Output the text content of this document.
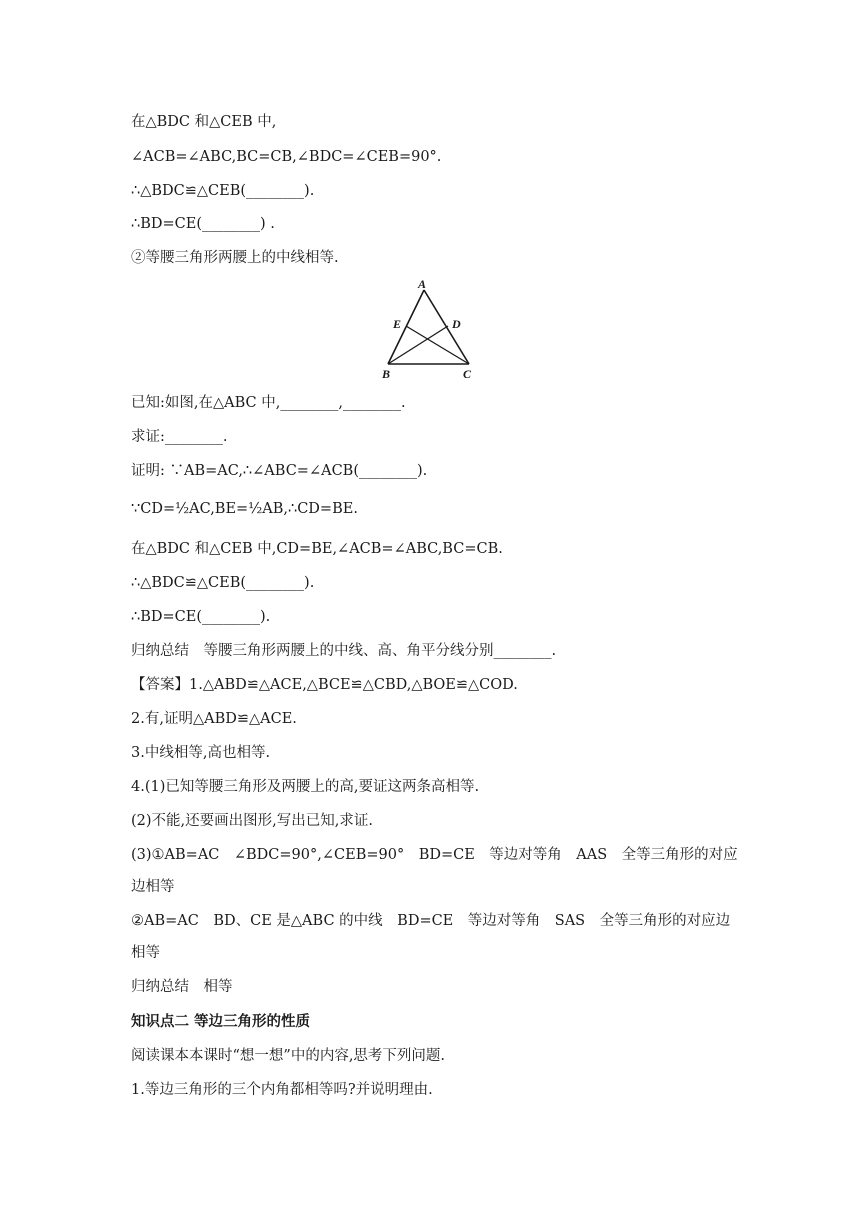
在△BDC 和△CEB 中,
∠ACB=∠ABC,BC=CB,∠BDC=∠CEB=90°.
∴△BDC≌△CEB(________).
∴BD=CE(________) .
②等腰三角形两腰上的中线相等.
A
B	C
D
E
已知:如图,在△ABC 中,________,________.
求证:________.
证明: ∵AB=AC,∴∠ABC=∠ACB(________).
∵CD=½AC,BE=½AB,∴CD=BE.
在△BDC 和△CEB 中,CD=BE,∠ACB=∠ABC,BC=CB.
∴△BDC≌△CEB(________).
∴BD=CE(________).
归纳总结　等腰三角形两腰上的中线、高、角平分线分别________.
【答案】1.△ABD≌△ACE,△BCE≌△CBD,△BOE≌△COD.
2.有,证明△ABD≌△ACE.
3.中线相等,高也相等.
4.(1)已知等腰三角形及两腰上的高,要证这两条高相等.
(2)不能,还要画出图形,写出已知,求证.
(3)①AB=AC　∠BDC=90°,∠CEB=90°　BD=CE　等边对等角　AAS　全等三角形的对应
边相等
②AB=AC　BD、CE 是△ABC 的中线　BD=CE　等边对等角　SAS　全等三角形的对应边
相等
归纳总结　相等
知识点二 等边三角形的性质
阅读课本本课时“想一想”中的内容,思考下列问题.
1.等边三角形的三个内角都相等吗?并说明理由.
